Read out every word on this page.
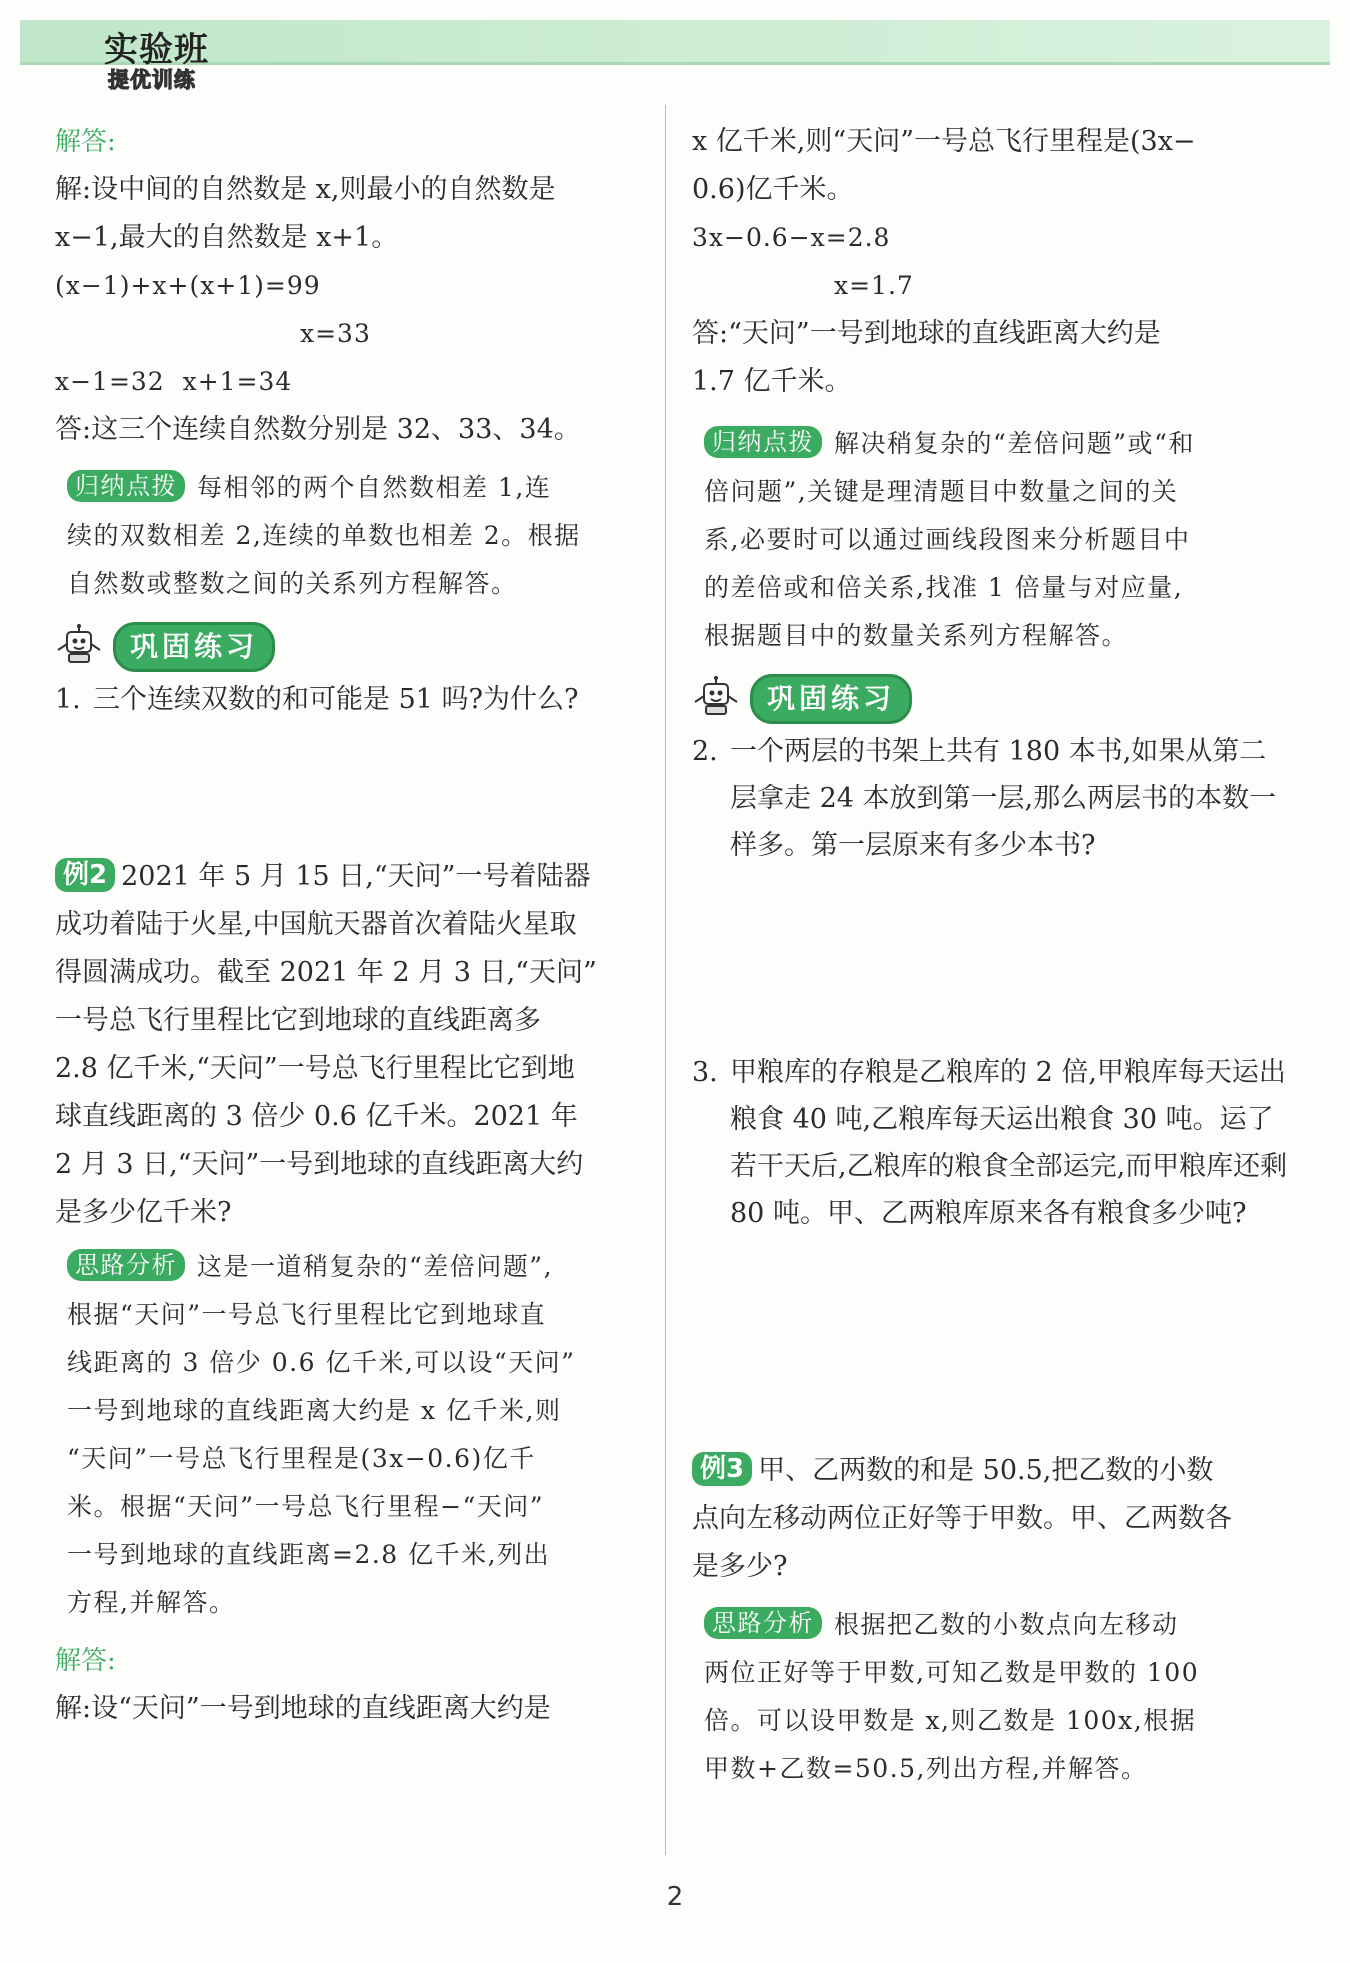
实验班
提优训练

解答:

解:设中间的自然数是 x,则最小的自然数是

x−1,最大的自然数是 x+1。

(x−1)+x+(x+1)=99

x=33

x−1=32  x+1=34

答:这三个连续自然数分别是 32、33、34。

归纳点拨 每相邻的两个自然数相差 1,连

续的双数相差 2,连续的单数也相差 2。根据

自然数或整数之间的关系列方程解答。

巩固练习
1. 三个连续双数的和可能是 51 吗?为什么?

例2 2021 年 5 月 15 日,“天问”一号着陆器

成功着陆于火星,中国航天器首次着陆火星取

得圆满成功。截至 2021 年 2 月 3 日,“天问”

一号总飞行里程比它到地球的直线距离多

2.8 亿千米,“天问”一号总飞行里程比它到地

球直线距离的 3 倍少 0.6 亿千米。2021 年

2 月 3 日,“天问”一号到地球的直线距离大约

是多少亿千米?

思路分析 这是一道稍复杂的“差倍问题”,

根据“天问”一号总飞行里程比它到地球直

线距离的 3 倍少 0.6 亿千米,可以设“天问”

一号到地球的直线距离大约是 x 亿千米,则

“天问”一号总飞行里程是(3x−0.6)亿千

米。根据“天问”一号总飞行里程−“天问”

一号到地球的直线距离=2.8 亿千米,列出

方程,并解答。

解答:

解:设“天问”一号到地球的直线距离大约是

x 亿千米,则“天问”一号总飞行里程是(3x−

0.6)亿千米。

3x−0.6−x=2.8

x=1.7

答:“天问”一号到地球的直线距离大约是

1.7 亿千米。

归纳点拨 解决稍复杂的“差倍问题”或“和

倍问题”,关键是理清题目中数量之间的关

系,必要时可以通过画线段图来分析题目中

的差倍或和倍关系,找准 1 倍量与对应量,

根据题目中的数量关系列方程解答。

巩固练习
2. 一个两层的书架上共有 180 本书,如果从第二层拿走 24 本放到第一层,那么两层书的本数一样多。第一层原来有多少本书?
3. 甲粮库的存粮是乙粮库的 2 倍,甲粮库每天运出粮食 40 吨,乙粮库每天运出粮食 30 吨。运了若干天后,乙粮库的粮食全部运完,而甲粮库还剩 80 吨。甲、乙两粮库原来各有粮食多少吨?

例3 甲、乙两数的和是 50.5,把乙数的小数

点向左移动两位正好等于甲数。甲、乙两数各

是多少?

思路分析 根据把乙数的小数点向左移动

两位正好等于甲数,可知乙数是甲数的 100

倍。可以设甲数是 x,则乙数是 100x,根据

甲数+乙数=50.5,列出方程,并解答。

2
